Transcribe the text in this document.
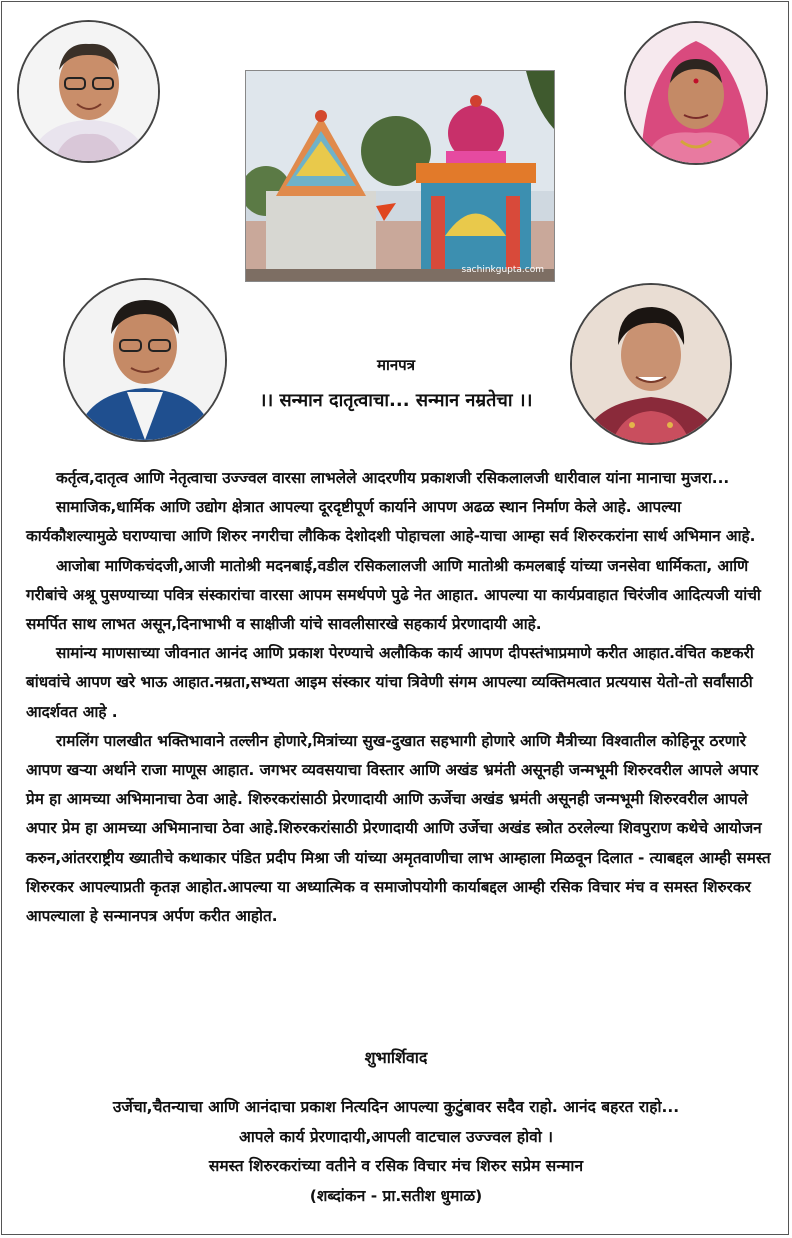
sachinkgupta.com
मानपत्र
।। सन्मान दातृत्वाचा... सन्मान नम्रतेचा ।।

कर्तृत्व,दातृत्व आणि नेतृत्वाचा उज्ज्वल वारसा लाभलेले आदरणीय प्रकाशजी रसिकलालजी धारीवाल यांना मानाचा मुजरा...

सामाजिक,धार्मिक आणि उद्योग क्षेत्रात आपल्या दूरदृष्टीपूर्ण कार्याने आपण अढळ स्थान निर्माण केले आहे. आपल्या कार्यकौशल्यामुळे घराण्याचा आणि शिरुर नगरीचा लौकिक देशोदशी पोहाचला आहे-याचा आम्हा सर्व शिरुरकरांना सार्थ अभिमान आहे.

आजोबा माणिकचंदजी,आजी मातोश्री मदनबाई,वडील रसिकलालजी आणि मातोश्री कमलबाई यांच्या जनसेवा धार्मिकता, आणि गरीबांचे अश्रू पुसण्याच्या पवित्र संस्कारांचा वारसा आपम समर्थपणे पुढे नेत आहात. आपल्या या कार्यप्रवाहात चिरंजीव आदित्यजी यांची समर्पित साथ लाभत असून,दिनाभाभी व साक्षीजी यांचे सावलीसारखे सहकार्य प्रेरणादायी आहे.

सामांन्य माणसाच्या जीवनात आनंद आणि प्रकाश पेरण्याचे अलौकिक कार्य आपण दीपस्तंभाप्रमाणे करीत आहात.वंचित कष्टकरी बांधवांचे आपण खरे भाऊ आहात.नम्रता,सभ्यता आइम संस्कार यांचा त्रिवेणी संगम आपल्या व्यक्तिमत्वात प्रत्ययास येतो-तो सर्वांसाठी आदर्शवत आहे .

रामलिंग पालखीत भक्तिभावाने तल्लीन होणारे,मित्रांच्या सुख-दुखात सहभागी होणारे आणि मैत्रीच्या विश्वातील कोहिनूर ठरणारे आपण खऱ्या अर्थाने राजा माणूस आहात. जगभर व्यवसयाचा विस्तार आणि अखंड भ्रमंती असूनही जन्मभूमी शिरुरवरील आपले अपार प्रेम हा आमच्या अभिमानाचा ठेवा आहे. शिरुरकरांसाठी प्रेरणादायी आणि ऊर्जेचा अखंड भ्रमंती असूनही जन्मभूमी शिरुरवरील आपले अपार प्रेम हा आमच्या अभिमानाचा ठेवा आहे.शिरुरकरांसाठी प्रेरणादायी आणि उर्जेचा अखंड स्त्रोत ठरलेल्या शिवपुराण कथेचे आयोजन करुन,आंतरराष्ट्रीय ख्यातीचे कथाकार पंडित प्रदीप मिश्रा जी यांच्या अमृतवाणीचा लाभ आम्हाला मिळवून दिलात - त्याबद्दल आम्ही समस्त शिरुरकर आपल्याप्रती कृतज्ञ आहोत.आपल्या या अध्यात्मिक व समाजोपयोगी कार्याबद्दल आम्ही रसिक विचार मंच व समस्त शिरुरकर आपल्याला हे सन्मानपत्र अर्पण करीत आहोत.

शुभार्शिवाद
उर्जेचा,चैतन्याचा आणि आनंदाचा प्रकाश नित्यदिन आपल्या कुटुंबावर सदैव राहो. आनंद बहरत राहो...
आपले कार्य प्रेरणादायी,आपली वाटचाल उज्ज्वल होवो ।
समस्त शिरुरकरांच्या वतीने व रसिक विचार मंच शिरुर सप्रेम सन्मान
(शब्दांकन - प्रा.सतीश धुमाळ)
